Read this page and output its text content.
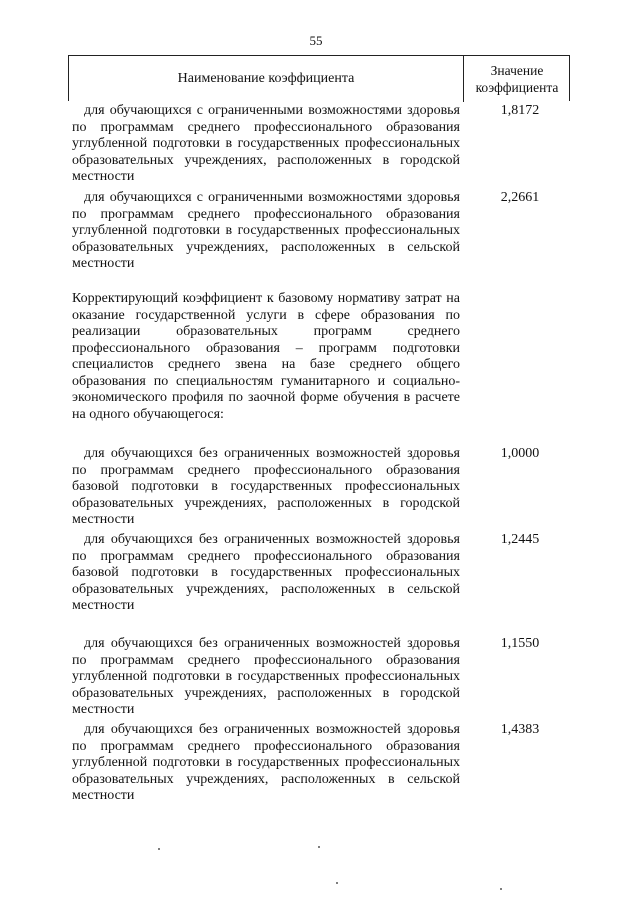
55
Наименование коэффициента
Значение
коэффициента
для обучающихся с ограниченными возможностями здоровья по программам среднего профессионального образования углубленной подготовки в государственных профессиональных образовательных учреждениях, расположенных в городской местности
1,8172
для обучающихся с ограниченными возможностями здоровья по программам среднего профессионального образования углубленной подготовки в государственных профессиональных образовательных учреждениях, расположенных в сельской местности
2,2661
Корректирующий коэффициент к базовому нормативу затрат на оказание государственной услуги в сфере образования по реализации образовательных программ среднего профессионального образования – программ подготовки специалистов среднего звена на базе среднего общего образования по специальностям гуманитарного и социально-экономического профиля по заочной форме обучения в расчете на одного обучающегося:
для обучающихся без ограниченных возможностей здоровья по программам среднего профессионального образования базовой подготовки в государственных профессиональных образовательных учреждениях, расположенных в городской местности
1,0000
для обучающихся без ограниченных возможностей здоровья по программам среднего профессионального образования базовой подготовки в государственных профессиональных образовательных учреждениях, расположенных в сельской местности
1,2445
для обучающихся без ограниченных возможностей здоровья по программам среднего профессионального образования углубленной подготовки в государственных профессиональных образовательных учреждениях, расположенных в городской местности
1,1550
для обучающихся без ограниченных возможностей здоровья по программам среднего профессионального образования углубленной подготовки в государственных профессиональных образовательных учреждениях, расположенных в сельской местности
1,4383
